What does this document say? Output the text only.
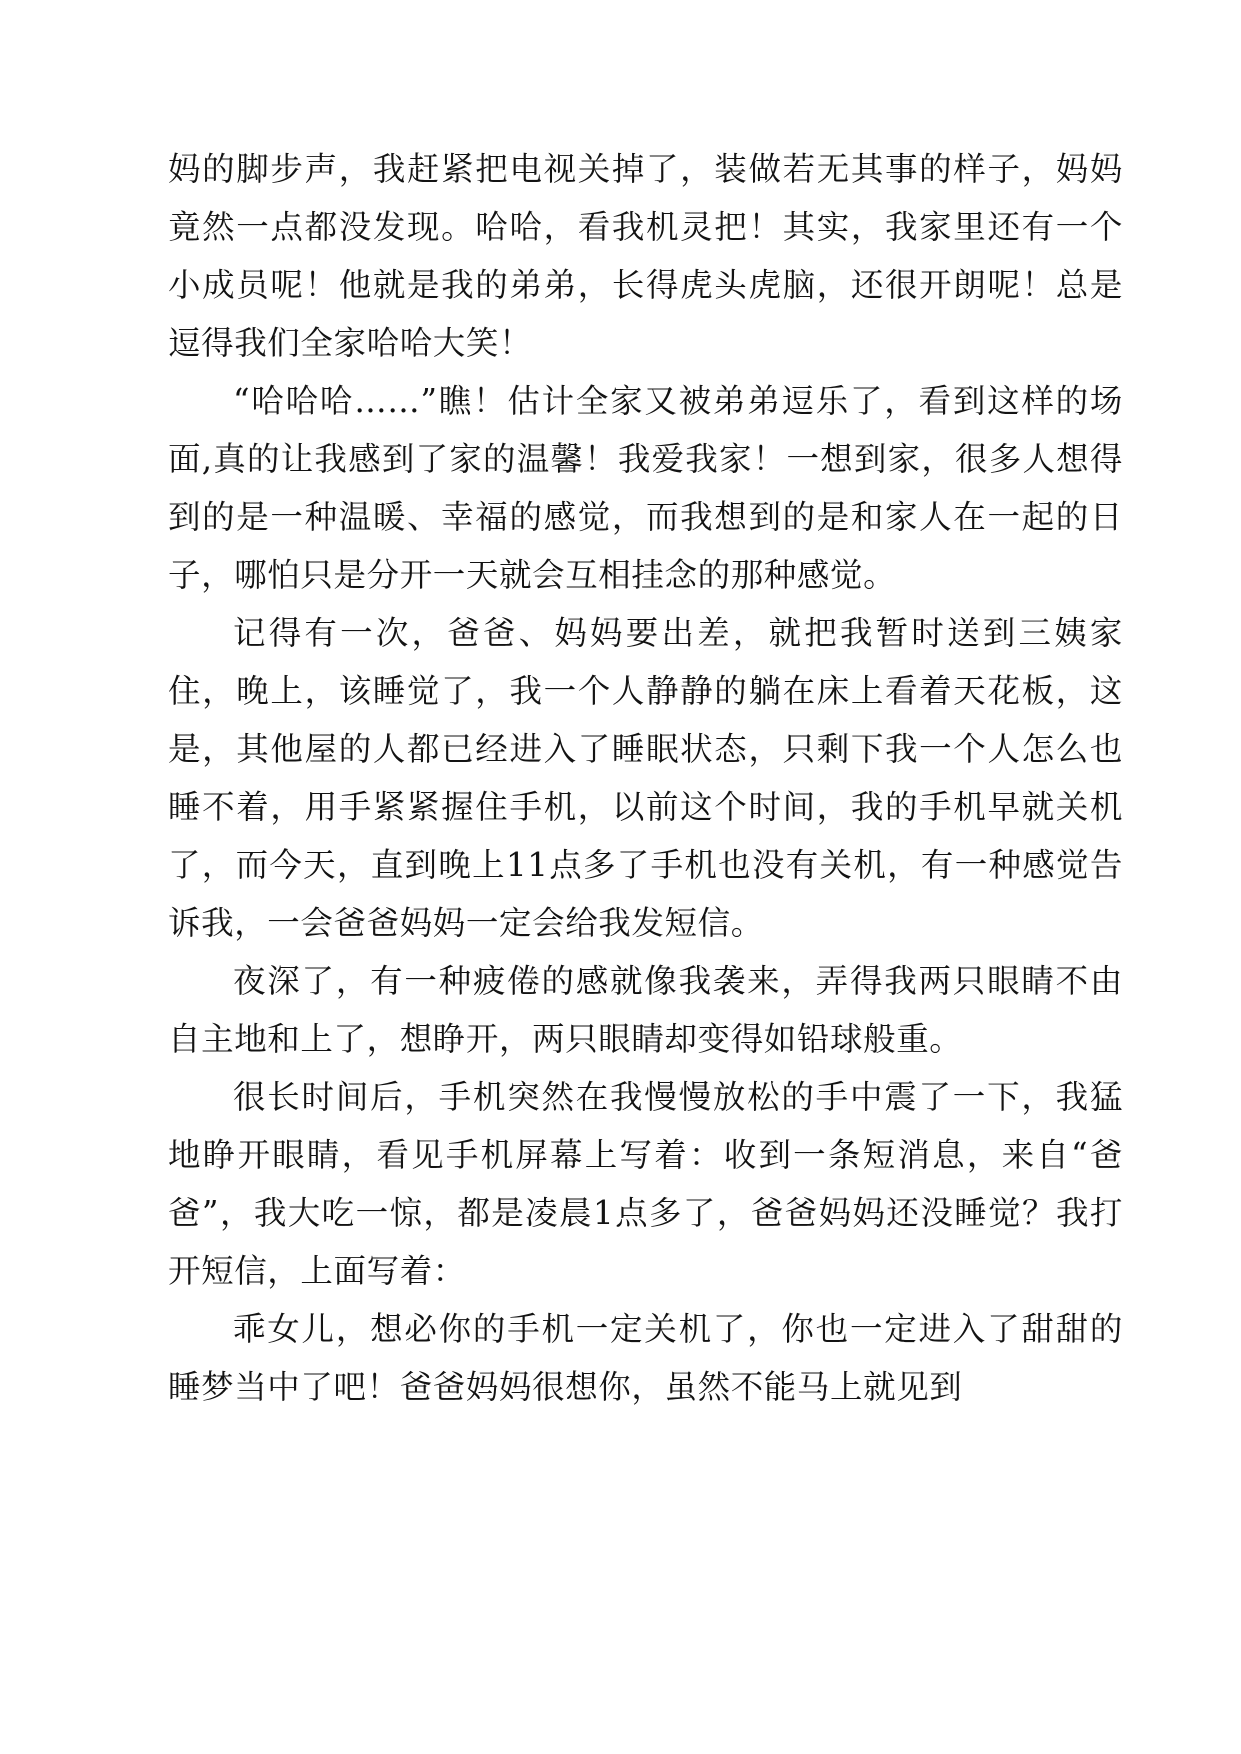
妈的脚步声，我赶紧把电视关掉了，装做若无其事的样子，妈妈竟然一点都没发现。哈哈，看我机灵把！其实，我家里还有一个小成员呢！他就是我的弟弟，长得虎头虎脑，还很开朗呢！总是逗得我们全家哈哈大笑！

“哈哈哈……”瞧！估计全家又被弟弟逗乐了，看到这样的场面,真的让我感到了家的温馨！我爱我家！一想到家，很多人想得到的是一种温暖、幸福的感觉，而我想到的是和家人在一起的日子，哪怕只是分开一天就会互相挂念的那种感觉。

记得有一次，爸爸、妈妈要出差，就把我暂时送到三姨家住，晚上，该睡觉了，我一个人静静的躺在床上看着天花板，这是，其他屋的人都已经进入了睡眠状态，只剩下我一个人怎么也睡不着，用手紧紧握住手机，以前这个时间，我的手机早就关机了，而今天，直到晚上11点多了手机也没有关机，有一种感觉告诉我，一会爸爸妈妈一定会给我发短信。

夜深了，有一种疲倦的感就像我袭来，弄得我两只眼睛不由自主地和上了，想睁开，两只眼睛却变得如铅球般重。

很长时间后，手机突然在我慢慢放松的手中震了一下，我猛地睁开眼睛，看见手机屏幕上写着：收到一条短消息，来自“爸爸”，我大吃一惊，都是凌晨1点多了，爸爸妈妈还没睡觉？我打开短信，上面写着：

乖女儿，想必你的手机一定关机了，你也一定进入了甜甜的睡梦当中了吧！爸爸妈妈很想你，虽然不能马上就见到
